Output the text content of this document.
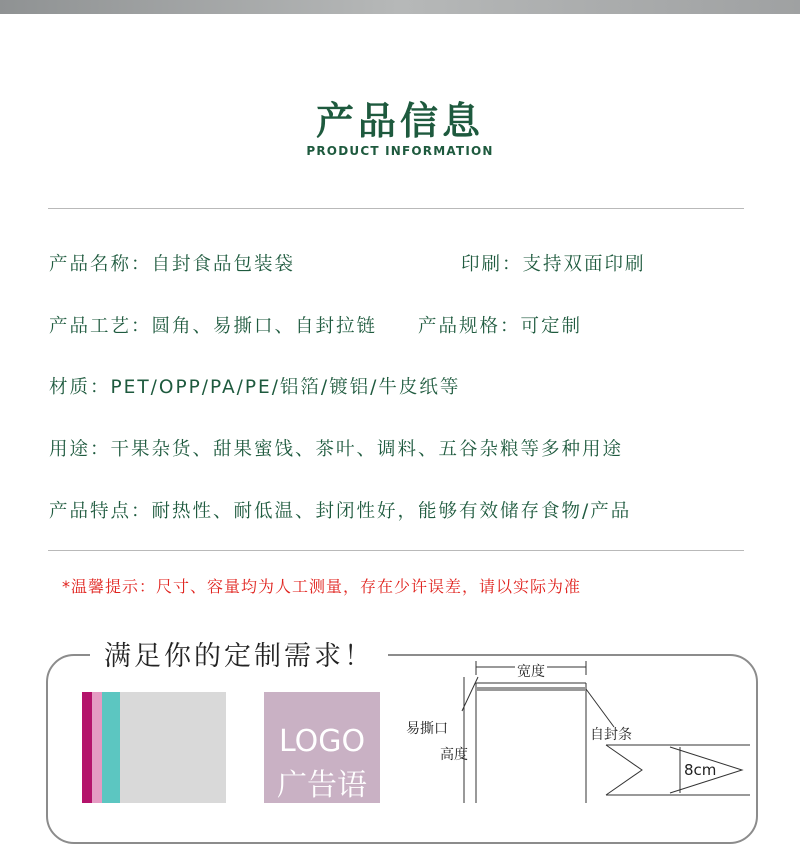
产品信息
PRODUCT INFORMATION
产品名称：自封食品包装袋	印刷：支持双面印刷
产品工艺：圆角、易撕口、自封拉链 产品规格：可定制
材质：PET/OPP/PA/PE/铝箔/镀铝/牛皮纸等
用途：干果杂货、甜果蜜饯、茶叶、调料、五谷杂粮等多种用途
产品特点：耐热性、耐低温、封闭性好，能够有效储存食物/产品
*温馨提示：尺寸、容量均为人工测量，存在少许误差，请以实际为准
满足你的定制需求！
LOGO
广告语
宽度
易撕口
高度
自封条
8cm
